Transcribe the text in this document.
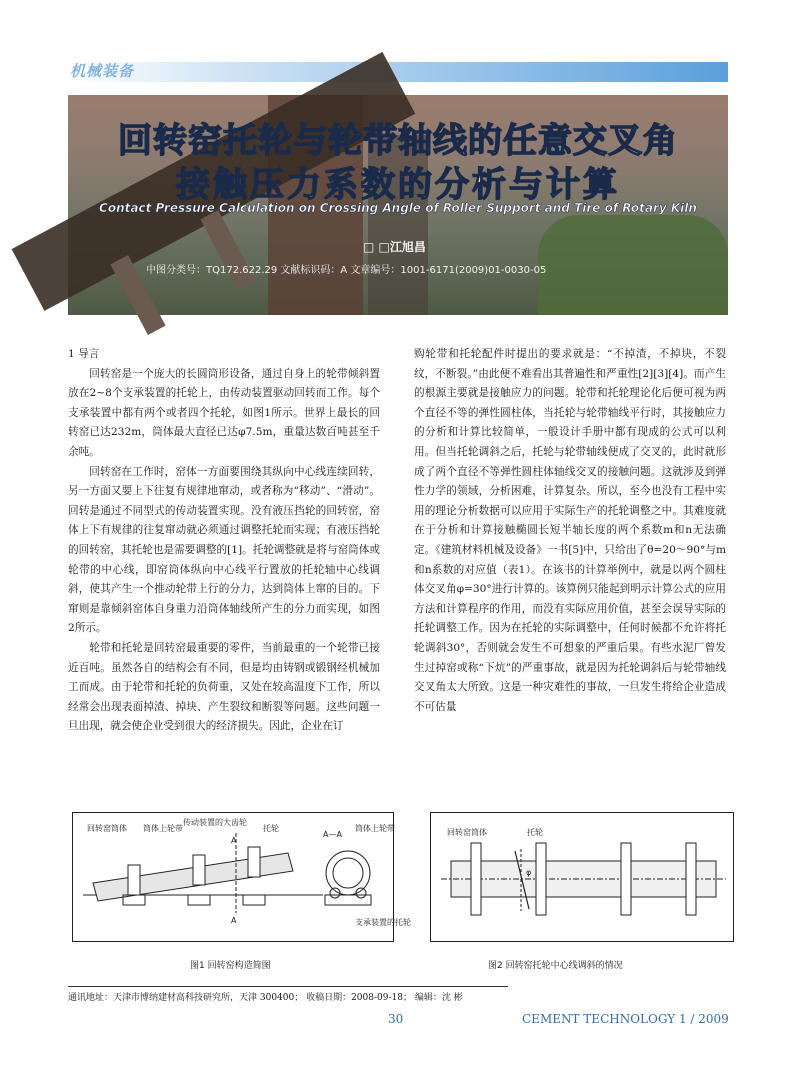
机械装备
回转窑托轮与轮带轴线的任意交叉角
接触压力系数的分析与计算
Contact Pressure Calculation on Crossing Angle of Roller Support and Tire of Rotary Kiln
□ □江旭昌
中图分类号：TQ172.622.29 文献标识码：A 文章编号：1001-6171(2009)01-0030-05
1 导言

回转窑是一个庞大的长圆筒形设备，通过自身上的轮带倾斜置放在2~8个支承装置的托轮上，由传动装置驱动回转而工作。每个支承装置中都有两个或者四个托轮，如图1所示。世界上最长的回转窑已达232m，筒体最大直径已达φ7.5m，重量达数百吨甚至千余吨。

回转窑在工作时，窑体一方面要围绕其纵向中心线连续回转，另一方面又要上下往复有规律地窜动，或者称为“移动”、“滑动”。回转是通过不同型式的传动装置实现。没有液压挡轮的回转窑，窑体上下有规律的往复窜动就必须通过调整托轮而实现；有液压挡轮的回转窑，其托轮也是需要调整的[1]。托轮调整就是将与窑筒体或轮带的中心线，即窑筒体纵向中心线平行置放的托轮轴中心线调斜，使其产生一个推动轮带上行的分力，达到筒体上窜的目的。下窜则是靠倾斜窑体自身重力沿筒体轴线所产生的分力而实现，如图2所示。

轮带和托轮是回转窑最重要的零件，当前最重的一个轮带已接近百吨。虽然各自的结构会有不同，但是均由铸钢或锻钢经机械加工而成。由于轮带和托轮的负荷重，又处在较高温度下工作，所以经常会出现表面掉渣、掉块、产生裂纹和断裂等问题。这些问题一旦出现，就会使企业受到很大的经济损失。因此，企业在订

购轮带和托轮配件时提出的要求就是：“不掉渣，不掉块，不裂纹，不断裂。”由此便不难看出其普遍性和严重性[2][3][4]。而产生的根源主要就是接触应力的问题。轮带和托轮理论化后便可视为两个直径不等的弹性圆柱体，当托轮与轮带轴线平行时，其接触应力的分析和计算比较简单，一般设计手册中都有现成的公式可以利用。但当托轮调斜之后，托轮与轮带轴线便成了交叉的，此时就形成了两个直径不等弹性圆柱体轴线交叉的接触问题。这就涉及到弹性力学的领域，分析困难，计算复杂。所以，至今也没有工程中实用的理论分析数据可以应用于实际生产的托轮调整之中。其难度就在于分析和计算接触椭圆长短半轴长度的两个系数m和n无法确定。《建筑材料机械及设备》一书[5]中，只给出了θ=20～90°与m和n系数的对应值（表1）。在该书的计算举例中，就是以两个圆柱体交叉角φ=30°进行计算的。该算例只能起到明示计算公式的应用方法和计算程序的作用，而没有实际应用价值，甚至会误导实际的托轮调整工作。因为在托轮的实际调整中，任何时候都不允许将托轮调斜30°，否则就会发生不可想象的严重后果。有些水泥厂曾发生过掉窑或称“下炕”的严重事故，就是因为托轮调斜后与轮带轴线交叉角太大所致。这是一种灾难性的事故，一旦发生将给企业造成不可估量

回转窑筒体 筒体上轮带
传动装置的大齿轮
托轮
A
A
A—A
筒体上轮带
支承装置的托轮
回转窑筒体	托轮
φ
图1 回转窑构造简图	图2 回转窑托轮中心线调斜的情况
通讯地址：天津市博纳建材高科技研究所，天津 300400； 收稿日期：2008-09-18； 编辑：沈 彬
30	CEMENT TECHNOLOGY 1 / 2009
